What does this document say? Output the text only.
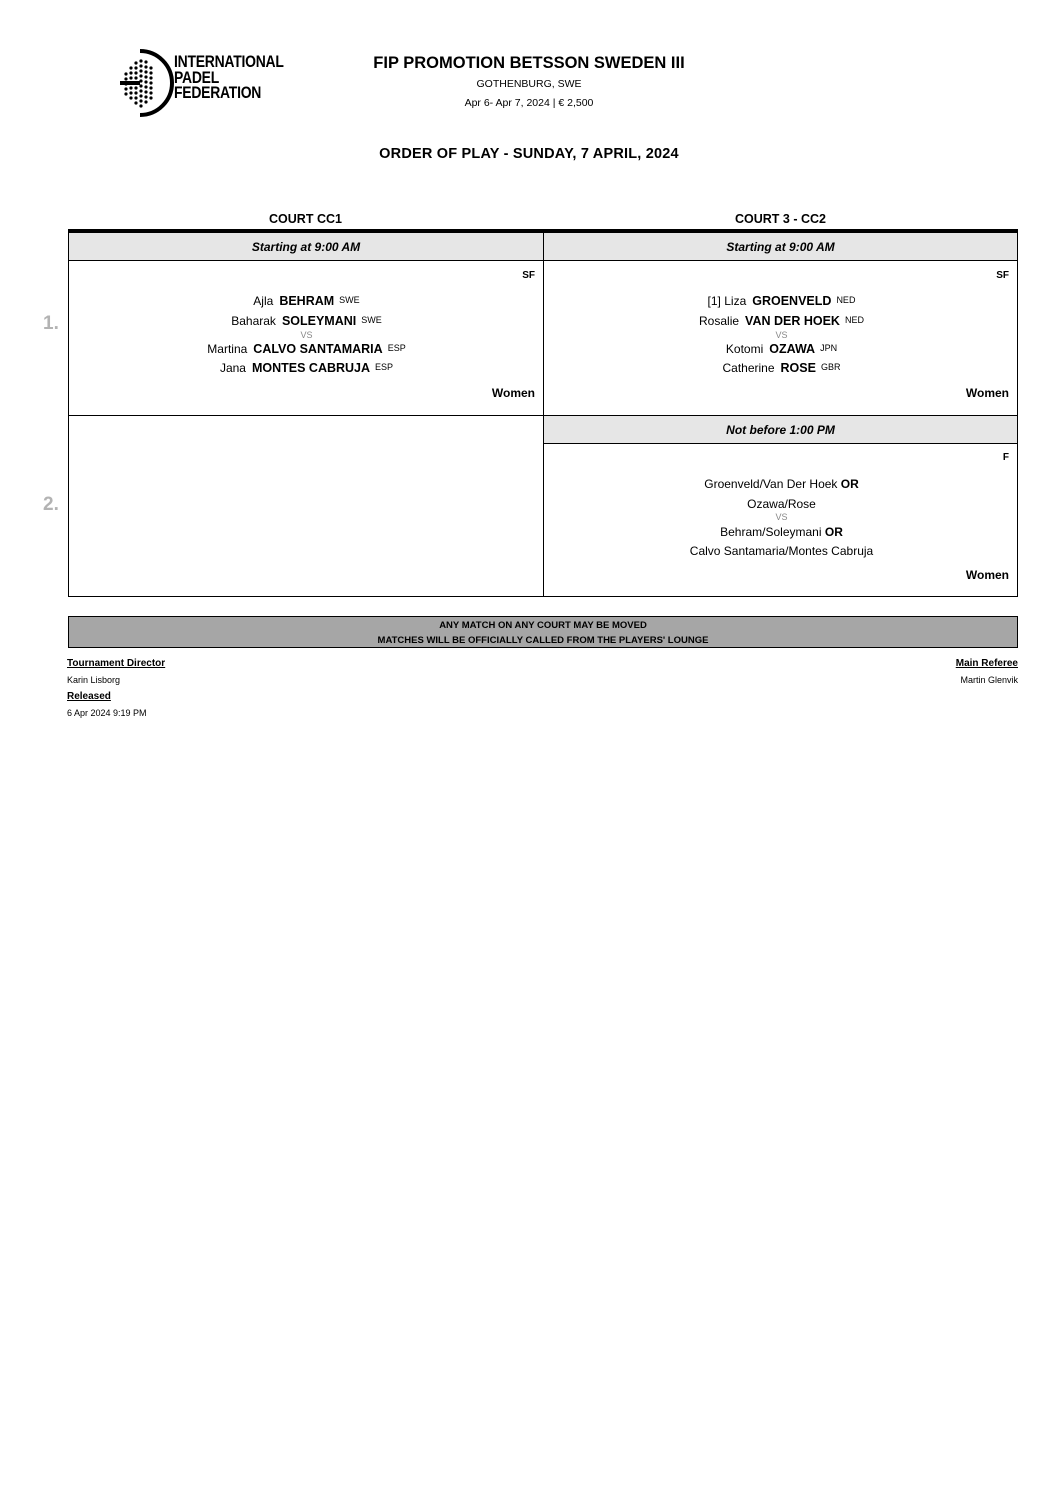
INTERNATIONAL
PADEL
FEDERATION
FIP PROMOTION BETSSON SWEDEN III
GOTHENBURG, SWE
Apr 6- Apr 7, 2024 | € 2,500
ORDER OF PLAY - SUNDAY, 7 APRIL, 2024
COURT CC1	COURT 3 - CC2
Starting at 9:00 AM	Starting at 9:00 AM
1.
2.
SF
Ajla BEHRAM SWE
Baharak SOLEYMANI SWE
VS
Martina CALVO SANTAMARIA ESP
Jana MONTES CABRUJA ESP
Women
SF
[1] Liza GROENVELD NED
Rosalie VAN DER HOEK NED
VS
Kotomi OZAWA JPN
Catherine ROSE GBR
Women
Not before 1:00 PM
F
Groenveld/Van Der Hoek OR
Ozawa/Rose
VS
Behram/Soleymani OR
Calvo Santamaria/Montes Cabruja
Women
ANY MATCH ON ANY COURT MAY BE MOVED
MATCHES WILL BE OFFICIALLY CALLED FROM THE PLAYERS' LOUNGE
Tournament Director
Karin Lisborg
Released
6 Apr 2024 9:19 PM
Main Referee
Martin Glenvik
